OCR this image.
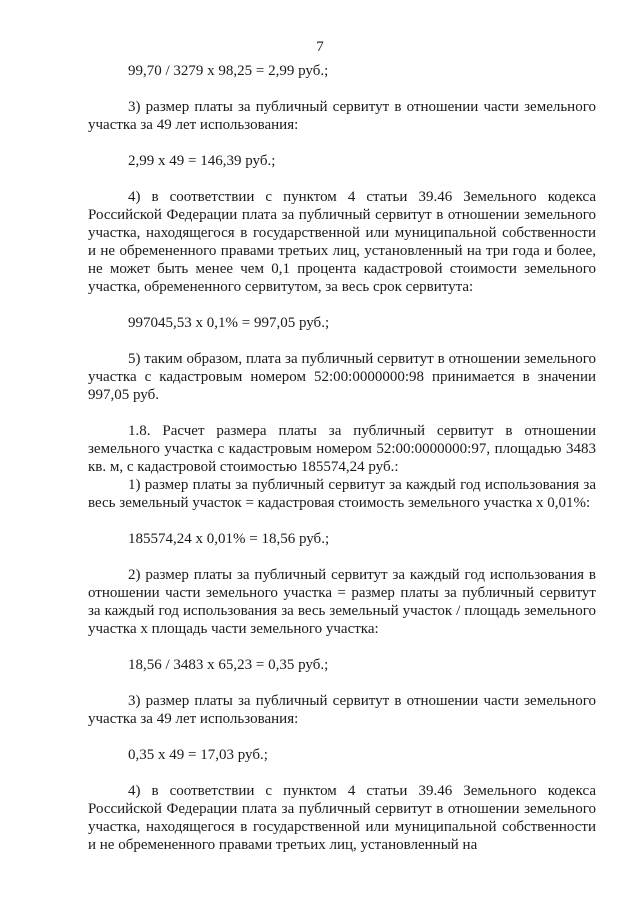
7

99,70 / 3279 x 98,25 = 2,99 руб.;

3) размер платы за публичный сервитут в отношении части земельного участка за 49 лет использования:

2,99 x 49 = 146,39 руб.;

4) в соответствии с пунктом 4 статьи 39.46 Земельного кодекса Российской Федерации плата за публичный сервитут в отношении земельного участка, находящегося в государственной или муниципальной собственности и не обремененного правами третьих лиц, установленный на три года и более, не может быть менее чем 0,1 процента кадастровой стоимости земельного участка, обремененного сервитутом, за весь срок сервитута:

997045,53 x 0,1% = 997,05 руб.;

5) таким образом, плата за публичный сервитут в отношении земельного участка с кадастровым номером 52:00:0000000:98 принимается в значении 997,05 руб.

1.8. Расчет размера платы за публичный сервитут в отношении земельного участка с кадастровым номером 52:00:0000000:97, площадью 3483 кв. м, с кадастровой стоимостью 185574,24 руб.:

1) размер платы за публичный сервитут за каждый год использования за весь земельный участок = кадастровая стоимость земельного участка x 0,01%:

185574,24 x 0,01% = 18,56 руб.;

2) размер платы за публичный сервитут за каждый год использования в отношении части земельного участка = размер платы за публичный сервитут за каждый год использования за весь земельный участок / площадь земельного участка x площадь части земельного участка:

18,56 / 3483 x 65,23 = 0,35 руб.;

3) размер платы за публичный сервитут в отношении части земельного участка за 49 лет использования:

0,35 x 49 = 17,03 руб.;

4) в соответствии с пунктом 4 статьи 39.46 Земельного кодекса Российской Федерации плата за публичный сервитут в отношении земельного участка, находящегося в государственной или муниципальной собственности и не обремененного правами третьих лиц, установленный на
